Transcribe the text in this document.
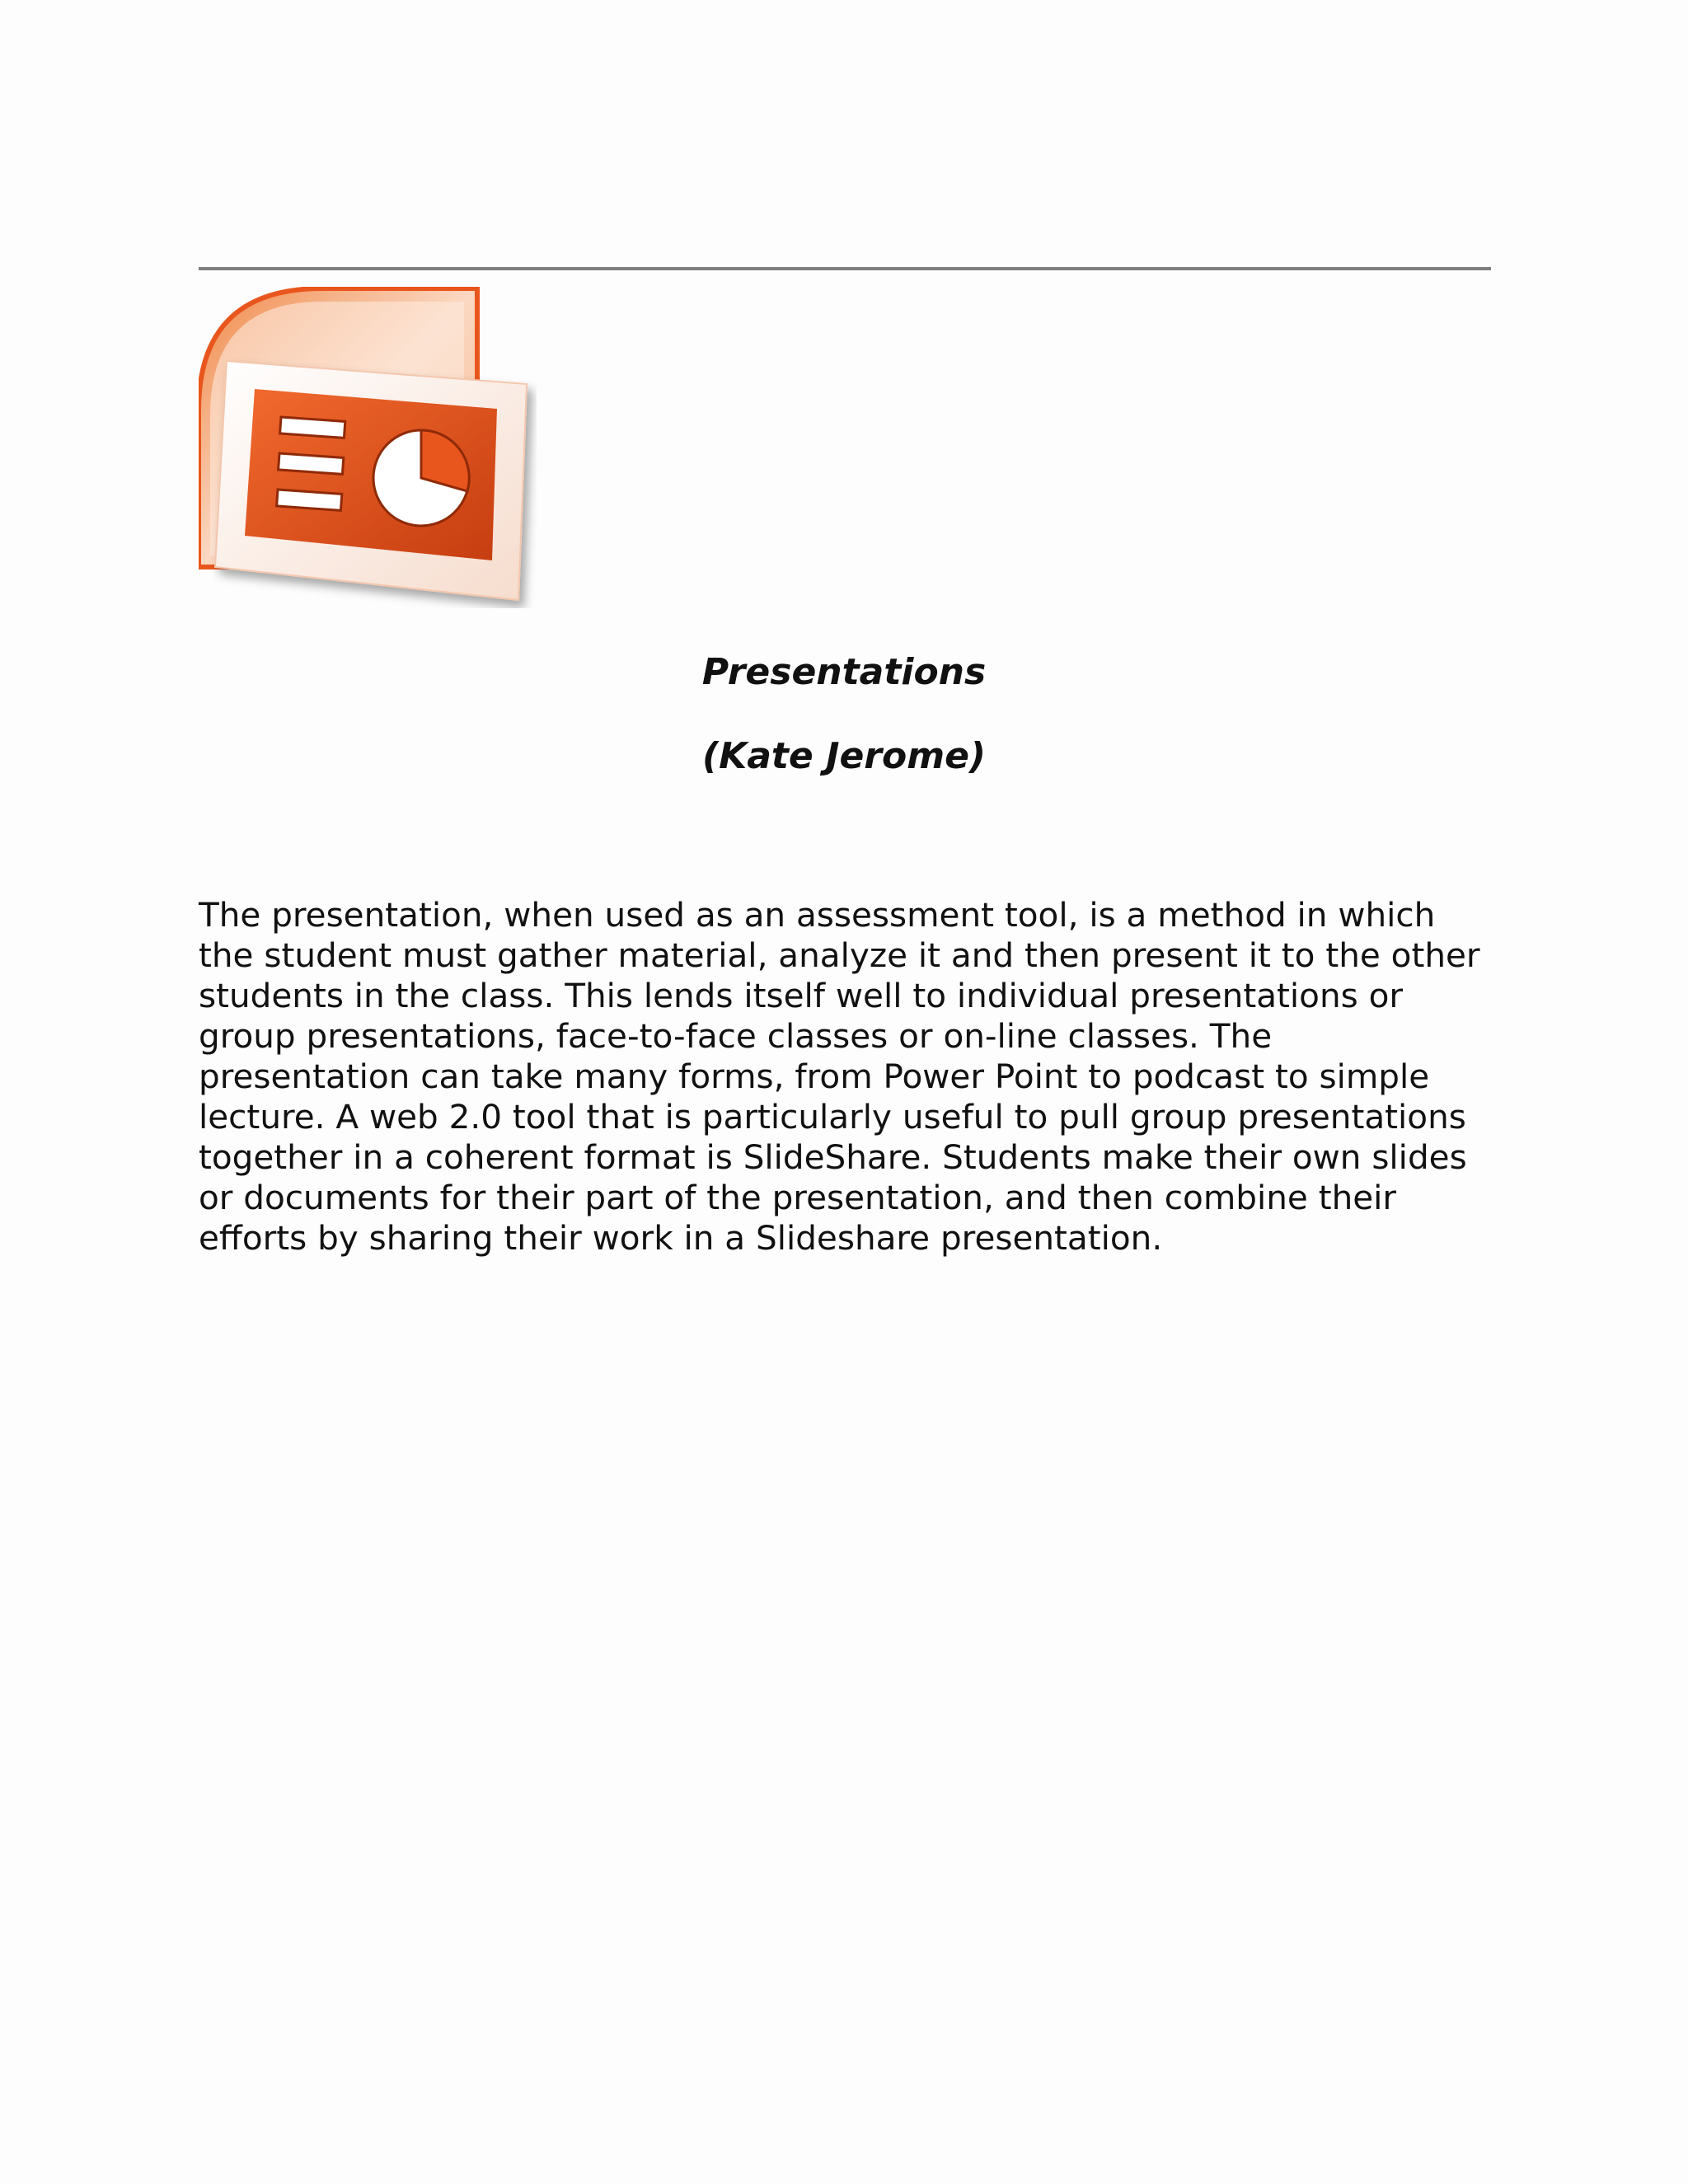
Presentations

(Kate Jerome)

The presentation, when used as an assessment tool, is a method in which
the student must gather material, analyze it and then present it to the other
students in the class. This lends itself well to individual presentations or
group presentations, face-to-face classes or on-line classes. The
presentation can take many forms, from Power Point to podcast to simple
lecture. A web 2.0 tool that is particularly useful to pull group presentations
together in a coherent format is SlideShare. Students make their own slides
or documents for their part of the presentation, and then combine their
efforts by sharing their work in a Slideshare presentation.
